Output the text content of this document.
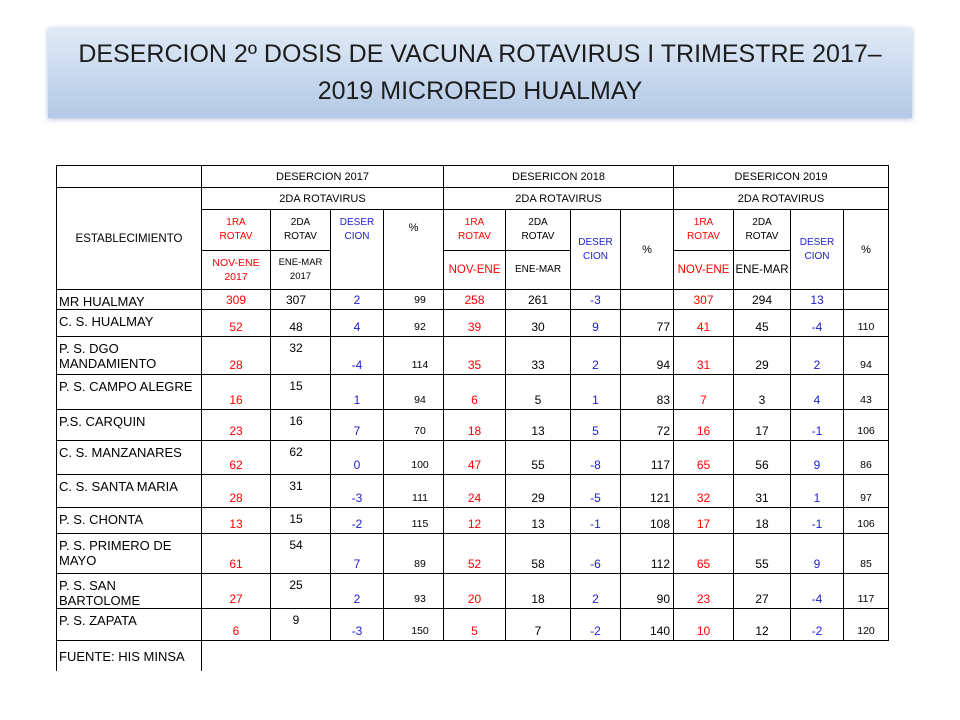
DESERCION 2º DOSIS DE VACUNA ROTAVIRUS I TRIMESTRE 2017–
2019 MICRORED HUALMAY
	DESERCION 2017				DESERICON 2018				DESERICON 2019			
ESTABLECIMIENTO	2DA ROTAVIRUS				2DA ROTAVIRUS				2DA ROTAVIRUS			
	1RA ROTAV	2DA ROTAV	DESER CION	%	1RA ROTAV	2DA ROTAV	DESER CION	%	1RA ROTAV	2DA ROTAV	DESER CION	%
	NOV-ENE 2017	ENE-MAR 2017			NOV-ENE	ENE-MAR			NOV-ENE	ENE-MAR		
MR HUALMAY	309	307	2	99	258	261	-3		307	294	13	
C. S. HUALMAY	52	48	4	92	39	30	9	77	41	45	-4	110
P. S. DGO MANDAMIENTO	28	32	-4	114	35	33	2	94	31	29	2	94
P. S. CAMPO ALEGRE	16	15	1	94	6	5	1	83	7	3	4	43
P.S. CARQUIN	23	16	7	70	18	13	5	72	16	17	-1	106
C. S. MANZANARES	62	62	0	100	47	55	-8	117	65	56	9	86
C. S. SANTA MARIA	28	31	-3	111	24	29	-5	121	32	31	1	97
P. S. CHONTA	13	15	-2	115	12	13	-1	108	17	18	-1	106
P. S. PRIMERO DE MAYO	61	54	7	89	52	58	-6	112	65	55	9	85
P. S. SAN BARTOLOME	27	25	2	93	20	18	2	90	23	27	-4	117
P. S. ZAPATA	6	9	-3	150	5	7	-2	140	10	12	-2	120
FUENTE: HIS MINSA												
